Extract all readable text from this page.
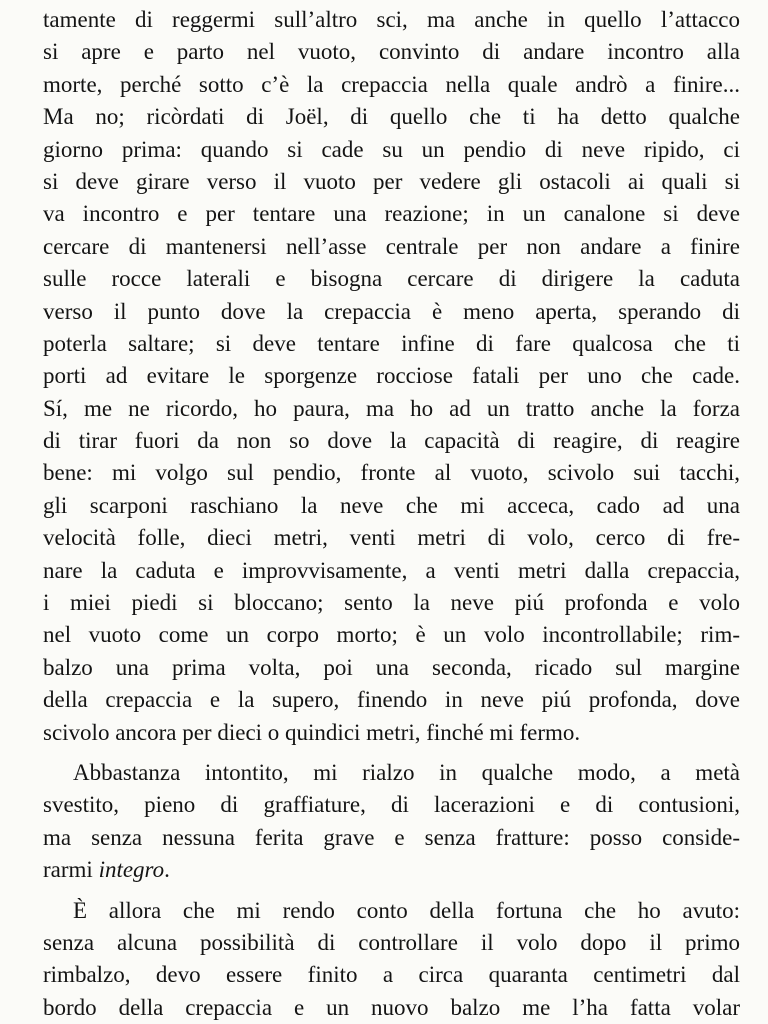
tamente di reggermi sull’altro sci, ma anche in quello l’attacco
si apre e parto nel vuoto, convinto di andare incontro alla
morte, perché sotto c’è la crepaccia nella quale andrò a finire...
Ma no; ricòrdati di Joël, di quello che ti ha detto qualche
giorno prima: quando si cade su un pendio di neve ripido, ci
si deve girare verso il vuoto per vedere gli ostacoli ai quali si
va incontro e per tentare una reazione; in un canalone si deve
cercare di mantenersi nell’asse centrale per non andare a finire
sulle rocce laterali e bisogna cercare di dirigere la caduta
verso il punto dove la crepaccia è meno aperta, sperando di
poterla saltare; si deve tentare infine di fare qualcosa che ti
porti ad evitare le sporgenze rocciose fatali per uno che cade.
Sí, me ne ricordo, ho paura, ma ho ad un tratto anche la forza
di tirar fuori da non so dove la capacità di reagire, di reagire
bene: mi volgo sul pendio, fronte al vuoto, scivolo sui tacchi,
gli scarponi raschiano la neve che mi acceca, cado ad una
velocità folle, dieci metri, venti metri di volo, cerco di fre-
nare la caduta e improvvisamente, a venti metri dalla crepaccia,
i miei piedi si bloccano; sento la neve piú profonda e volo
nel vuoto come un corpo morto; è un volo incontrollabile; rim-
balzo una prima volta, poi una seconda, ricado sul margine
della crepaccia e la supero, finendo in neve piú profonda, dove
scivolo ancora per dieci o quindici metri, finché mi fermo.
Abbastanza intontito, mi rialzo in qualche modo, a metà
svestito, pieno di graffiature, di lacerazioni e di contusioni,
ma senza nessuna ferita grave e senza fratture: posso conside-
rarmi integro.
È allora che mi rendo conto della fortuna che ho avuto:
senza alcuna possibilità di controllare il volo dopo il primo
rimbalzo, devo essere finito a circa quaranta centimetri dal
bordo della crepaccia e un nuovo balzo me l’ha fatta volar
